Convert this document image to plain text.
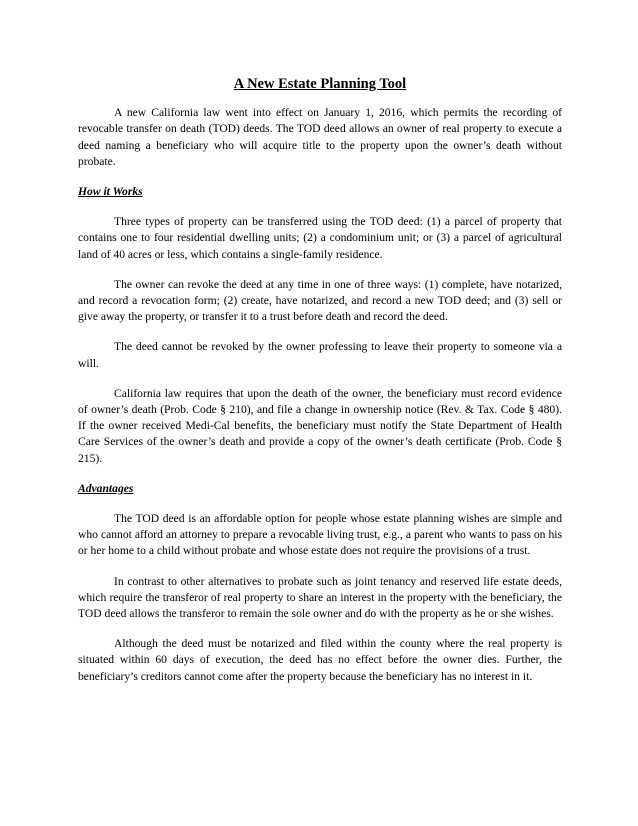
A New Estate Planning Tool

A new California law went into effect on January 1, 2016, which permits the recording of revocable transfer on death (TOD) deeds. The TOD deed allows an owner of real property to execute a deed naming a beneficiary who will acquire title to the property upon the owner’s death without probate.

How it Works

Three types of property can be transferred using the TOD deed: (1) a parcel of property that contains one to four residential dwelling units; (2) a condominium unit; or (3) a parcel of agricultural land of 40 acres or less, which contains a single-family residence.

The owner can revoke the deed at any time in one of three ways: (1) complete, have notarized, and record a revocation form; (2) create, have notarized, and record a new TOD deed; and (3) sell or give away the property, or transfer it to a trust before death and record the deed.

The deed cannot be revoked by the owner professing to leave their property to someone via a will.

California law requires that upon the death of the owner, the beneficiary must record evidence of owner’s death (Prob. Code § 210), and file a change in ownership notice (Rev. & Tax. Code § 480). If the owner received Medi-Cal benefits, the beneficiary must notify the State Department of Health Care Services of the owner’s death and provide a copy of the owner’s death certificate (Prob. Code § 215).

Advantages

The TOD deed is an affordable option for people whose estate planning wishes are simple and who cannot afford an attorney to prepare a revocable living trust, e.g., a parent who wants to pass on his or her home to a child without probate and whose estate does not require the provisions of a trust.

In contrast to other alternatives to probate such as joint tenancy and reserved life estate deeds, which require the transferor of real property to share an interest in the property with the beneficiary, the TOD deed allows the transferor to remain the sole owner and do with the property as he or she wishes.

Although the deed must be notarized and filed within the county where the real property is situated within 60 days of execution, the deed has no effect before the owner dies. Further, the beneficiary’s creditors cannot come after the property because the beneficiary has no interest in it.
